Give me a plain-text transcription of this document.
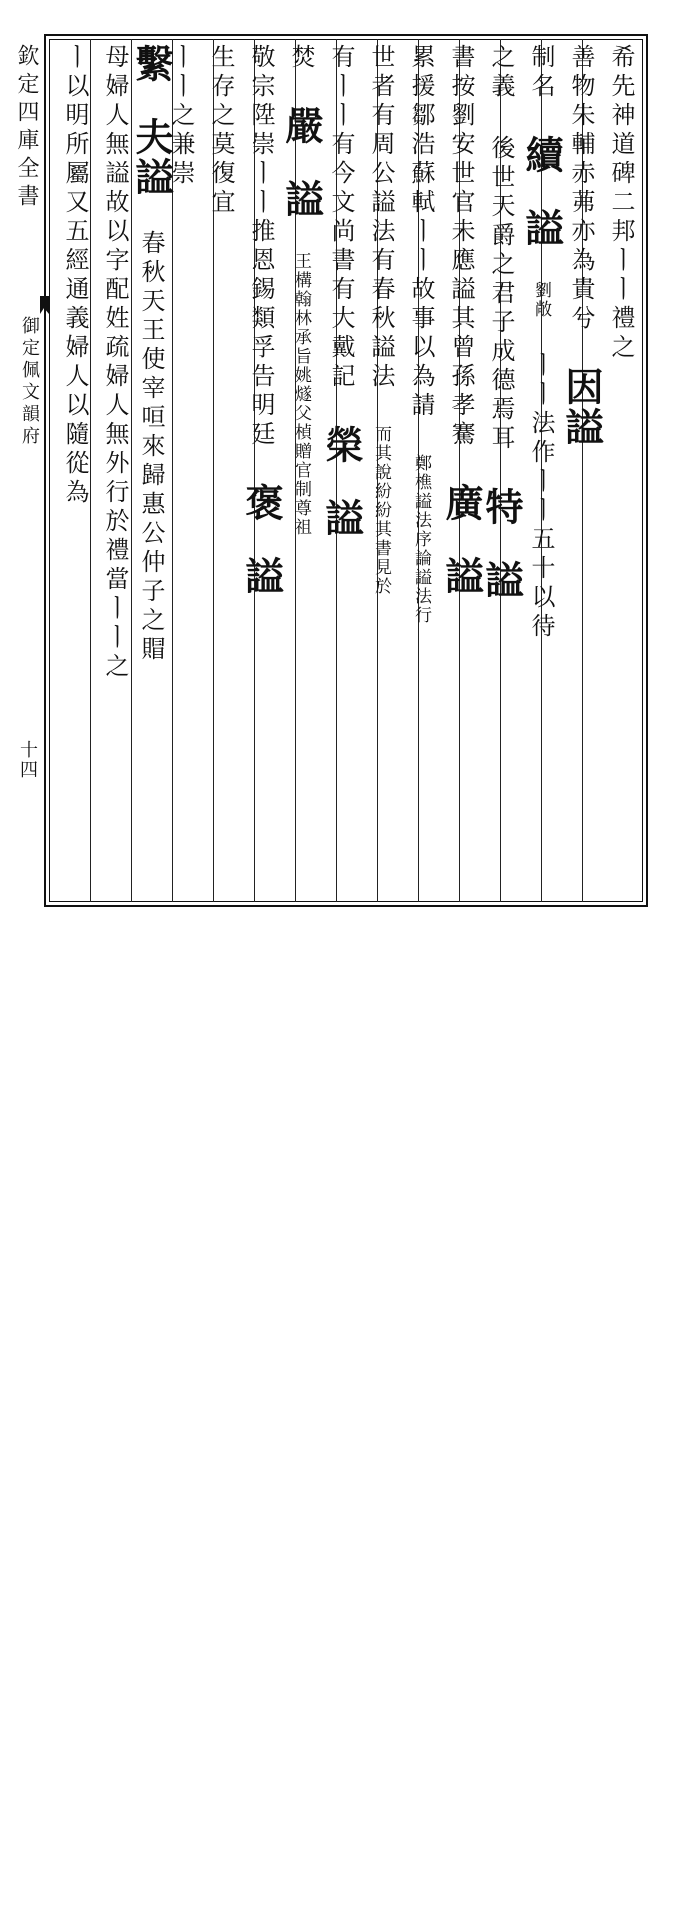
欽定四庫全書
御定佩文韻府
十四
希先神道碑二邦ㅣㅣ禮之
善物朱輔赤茀亦為貴兮 因謚
制名 續 謚 劉敞 ㅣㅣ法作ㅣㅣ五十以待
之義 後世天爵之君子成德焉耳 特 謚
書按劉安世官未應謚其曾孫孝騫 廣 謚
累援鄒浩蘇軾ㅣㅣ故事以為請 鄭樵謚法序論謚法行
世者有周公謚法有春秋謚法 而其說紛紛其書見於
有ㅣㅣ有今文尚書有大戴記 榮 謚
焚 嚴 謚 王構翰林承旨姚燧父楨贈官制尊祖
敬宗陞崇ㅣㅣ推恩錫類孚告明廷 褒 謚
生存之莫復宜
ㅣㅣ之兼崇
繫 夫謚 春秋天王使宰咺來歸惠公仲子之賵
母婦人無謚故以字配姓疏婦人無外行於禮當ㅣㅣ之
ㅣ以明所屬又五經通義婦人以隨從為
